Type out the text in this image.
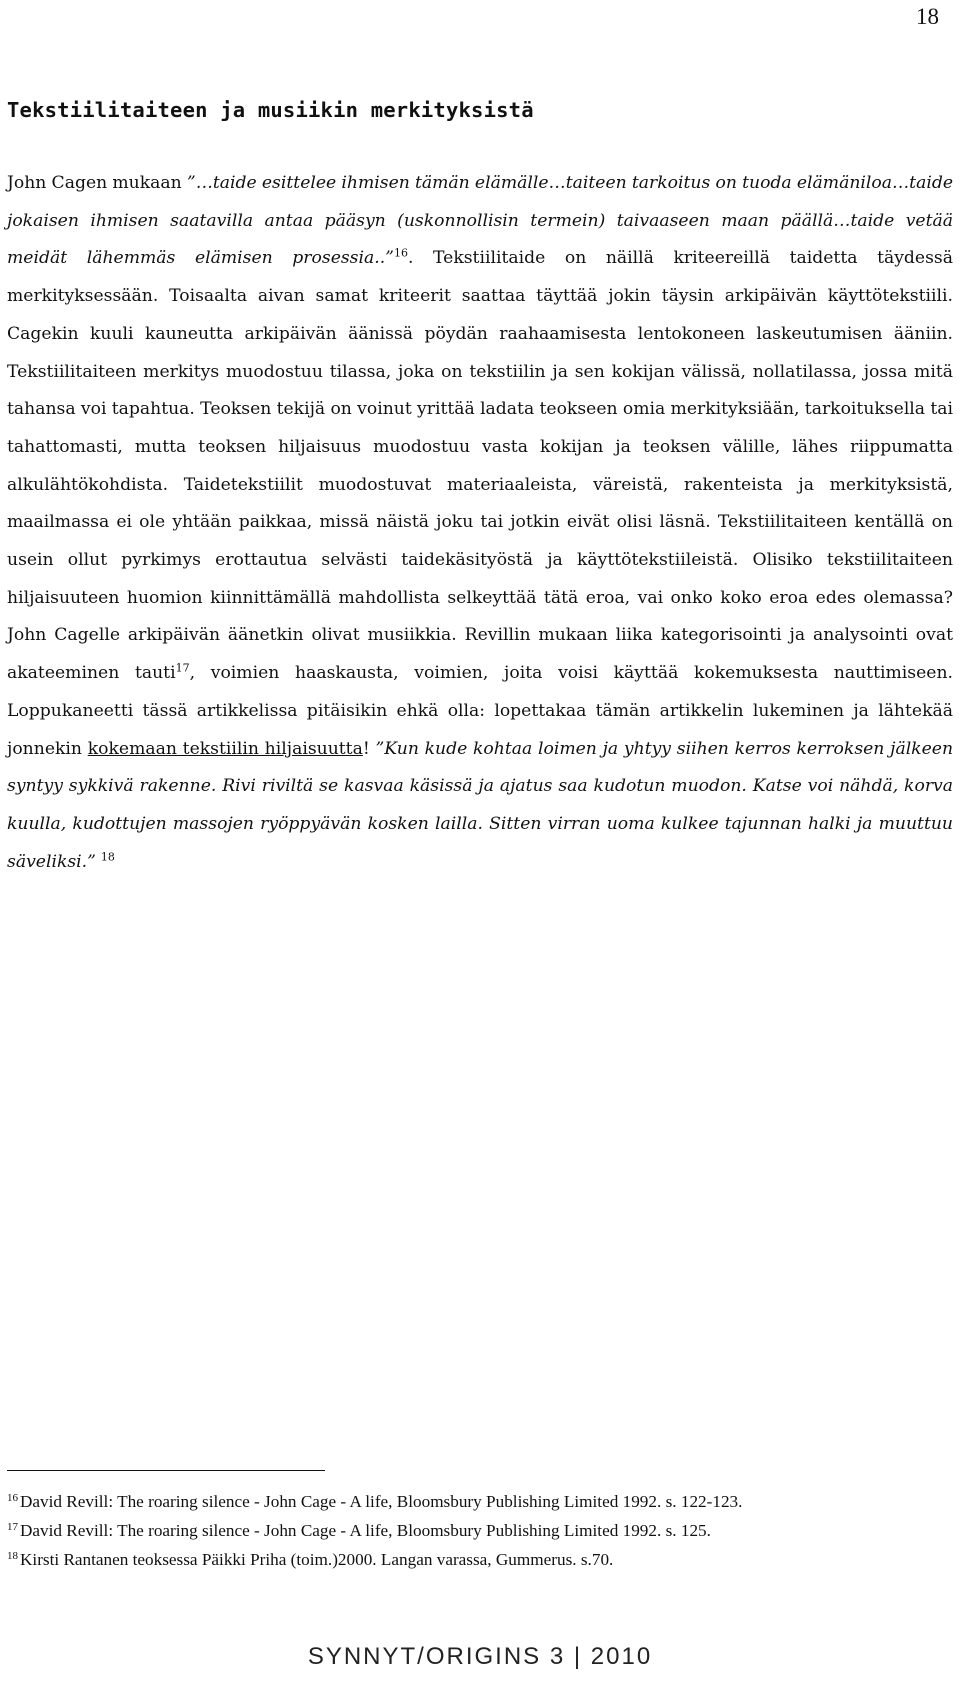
18
Tekstiilitaiteen ja musiikin merkityksistä

John Cagen mukaan ”…taide esittelee ihmisen tämän elämälle…taiteen tarkoitus on tuoda elämäniloa…taide jokaisen ihmisen saatavilla antaa pääsyn (uskonnollisin termein) taivaaseen maan päällä…taide vetää meidät lähemmäs elämisen prosessia..”$^{16}$. Tekstiilitaide on näillä kriteereillä taidetta täydessä merkityksessään. Toisaalta aivan samat kriteerit saattaa täyttää jokin täysin arkipäivän käyttötekstiili. Cagekin kuuli kauneutta arkipäivän äänissä pöydän raahaamisesta lentokoneen laskeutumisen ääniin. Tekstiilitaiteen merkitys muodostuu tilassa, joka on tekstiilin ja sen kokijan välissä, nollatilassa, jossa mitä tahansa voi tapahtua. Teoksen tekijä on voinut yrittää ladata teokseen omia merkityksiään, tarkoituksella tai tahattomasti, mutta teoksen hiljaisuus muodostuu vasta kokijan ja teoksen välille, lähes riippumatta alkulähtökohdista. Taidetekstiilit muodostuvat materiaaleista, väreistä, rakenteista ja merkityksistä, maailmassa ei ole yhtään paikkaa, missä näistä joku tai jotkin eivät olisi läsnä. Tekstiilitaiteen kentällä on usein ollut pyrkimys erottautua selvästi taidekäsityöstä ja käyttötekstiileistä. Olisiko tekstiilitaiteen hiljaisuuteen huomion kiinnittämällä mahdollista selkeyttää tätä eroa, vai onko koko eroa edes olemassa? John Cagelle arkipäivän äänetkin olivat musiikkia. Revillin mukaan liika kategorisointi ja analysointi ovat akateeminen tauti$^{17}$, voimien haaskausta, voimien, joita voisi käyttää kokemuksesta nauttimiseen. Loppukaneetti tässä artikkelissa pitäisikin ehkä olla: lopettakaa tämän artikkelin lukeminen ja lähtekää jonnekin kokemaan tekstiilin hiljaisuutta! ”Kun kude kohtaa loimen ja yhtyy siihen kerros kerroksen jälkeen syntyy sykkivä rakenne. Rivi riviltä se kasvaa käsissä ja ajatus saa kudotun muodon. Katse voi nähdä, korva kuulla, kudottujen massojen ryöppyävän kosken lailla. Sitten virran uoma kulkee tajunnan halki ja muuttuu säveliksi.” $^{18}$

$^{16}$ David Revill: The roaring silence - John Cage - A life, Bloomsbury Publishing Limited 1992. s. 122-123.

$^{17}$ David Revill: The roaring silence - John Cage - A life, Bloomsbury Publishing Limited 1992. s. 125.

$^{18}$ Kirsti Rantanen teoksessa Päikki Priha (toim.)2000. Langan varassa, Gummerus. s.70.

SYNNYT/ORIGINS 3 | 2010
